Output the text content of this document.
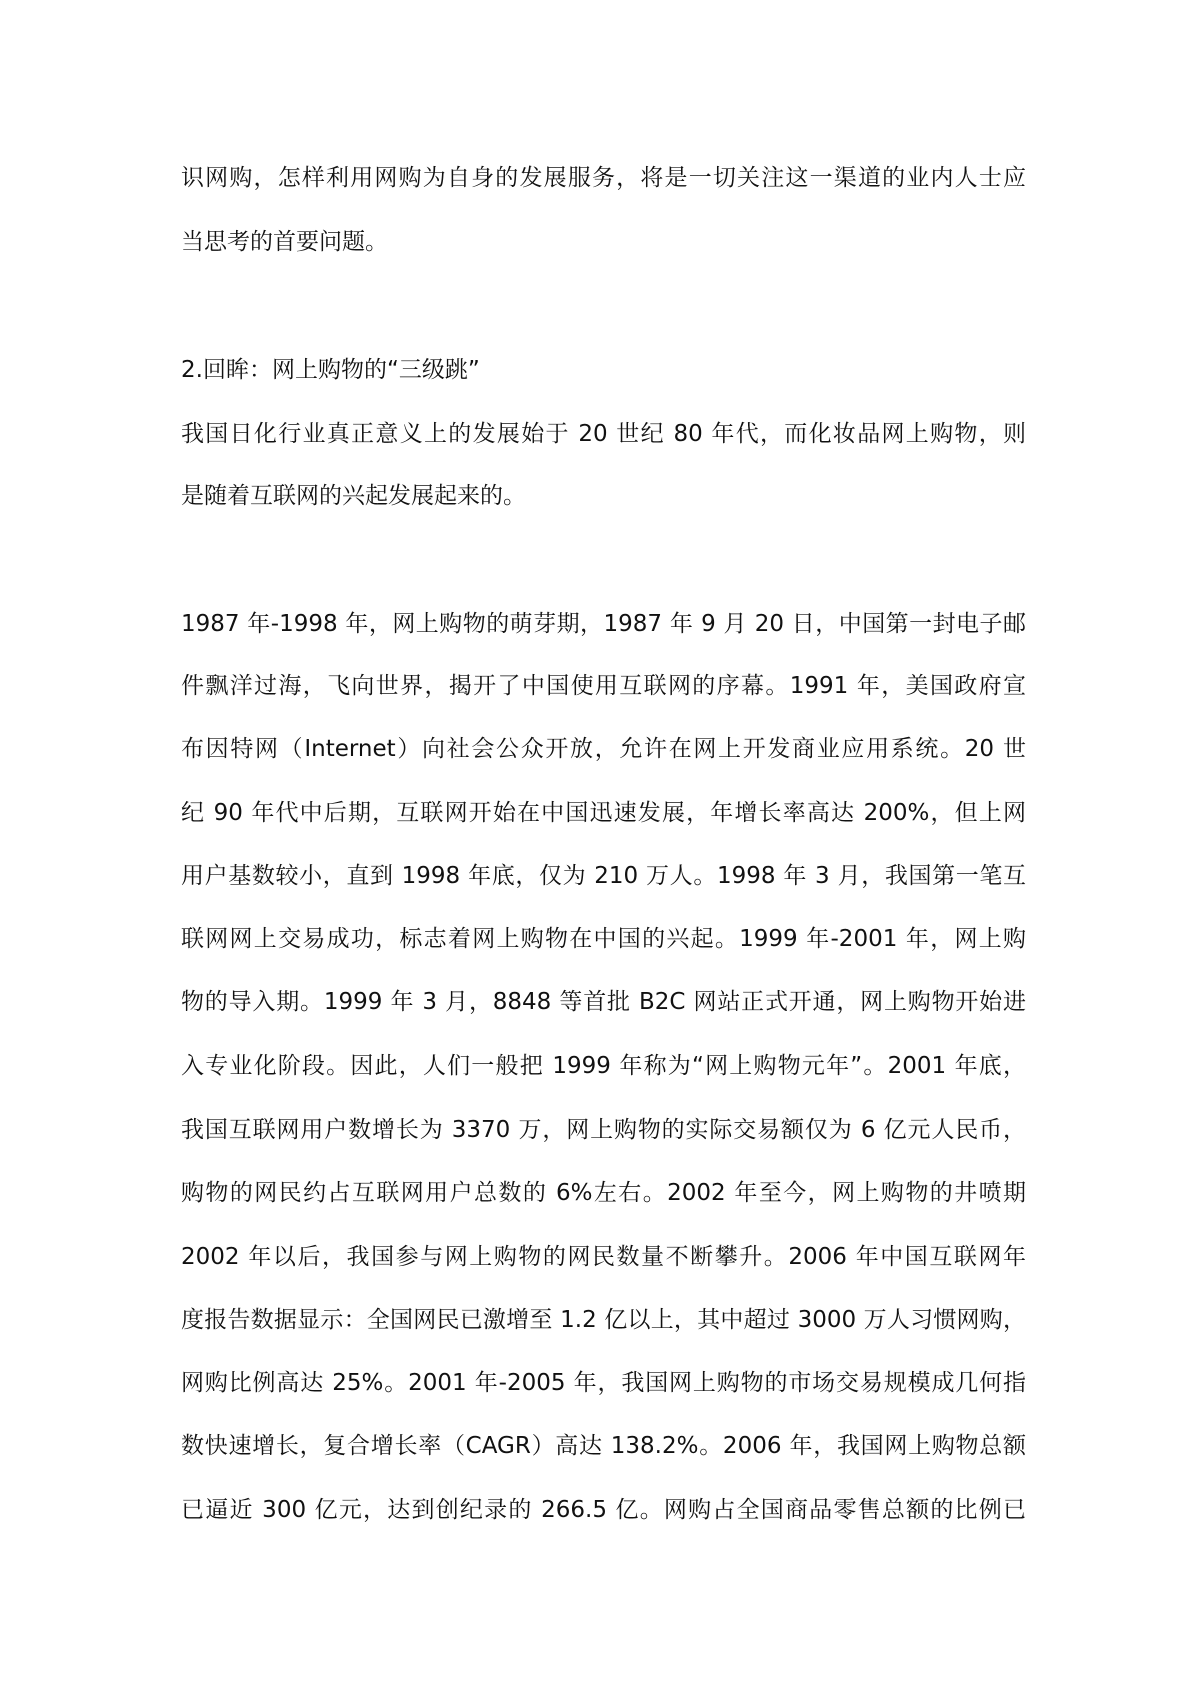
识网购，怎样利用网购为自身的发展服务，将是一切关注这一渠道的业内人士应
当思考的首要问题。
2.回眸：网上购物的“三级跳”
我国日化行业真正意义上的发展始于 20 世纪 80 年代，而化妆品网上购物，则
是随着互联网的兴起发展起来的。
1987 年-1998 年，网上购物的萌芽期，1987 年 9 月 20 日，中国第一封电子邮
件飘洋过海，飞向世界，揭开了中国使用互联网的序幕。1991 年，美国政府宣
布因特网（Internet）向社会公众开放，允许在网上开发商业应用系统。20 世
纪 90 年代中后期，互联网开始在中国迅速发展，年增长率高达 200%，但上网
用户基数较小，直到 1998 年底，仅为 210 万人。1998 年 3 月，我国第一笔互
联网网上交易成功，标志着网上购物在中国的兴起。1999 年-2001 年，网上购
物的导入期。1999 年 3 月，8848 等首批 B2C 网站正式开通，网上购物开始进
入专业化阶段。因此，人们一般把 1999 年称为“网上购物元年”。2001 年底，
我国互联网用户数增长为 3370 万，网上购物的实际交易额仅为 6 亿元人民币，
购物的网民约占互联网用户总数的 6%左右。2002 年至今，网上购物的井喷期
2002 年以后，我国参与网上购物的网民数量不断攀升。2006 年中国互联网年
度报告数据显示：全国网民已激增至 1.2 亿以上，其中超过 3000 万人习惯网购，
网购比例高达 25%。2001 年-2005 年，我国网上购物的市场交易规模成几何指
数快速增长，复合增长率（CAGR）高达 138.2%。2006 年，我国网上购物总额
已逼近 300 亿元，达到创纪录的 266.5 亿。网购占全国商品零售总额的比例已
